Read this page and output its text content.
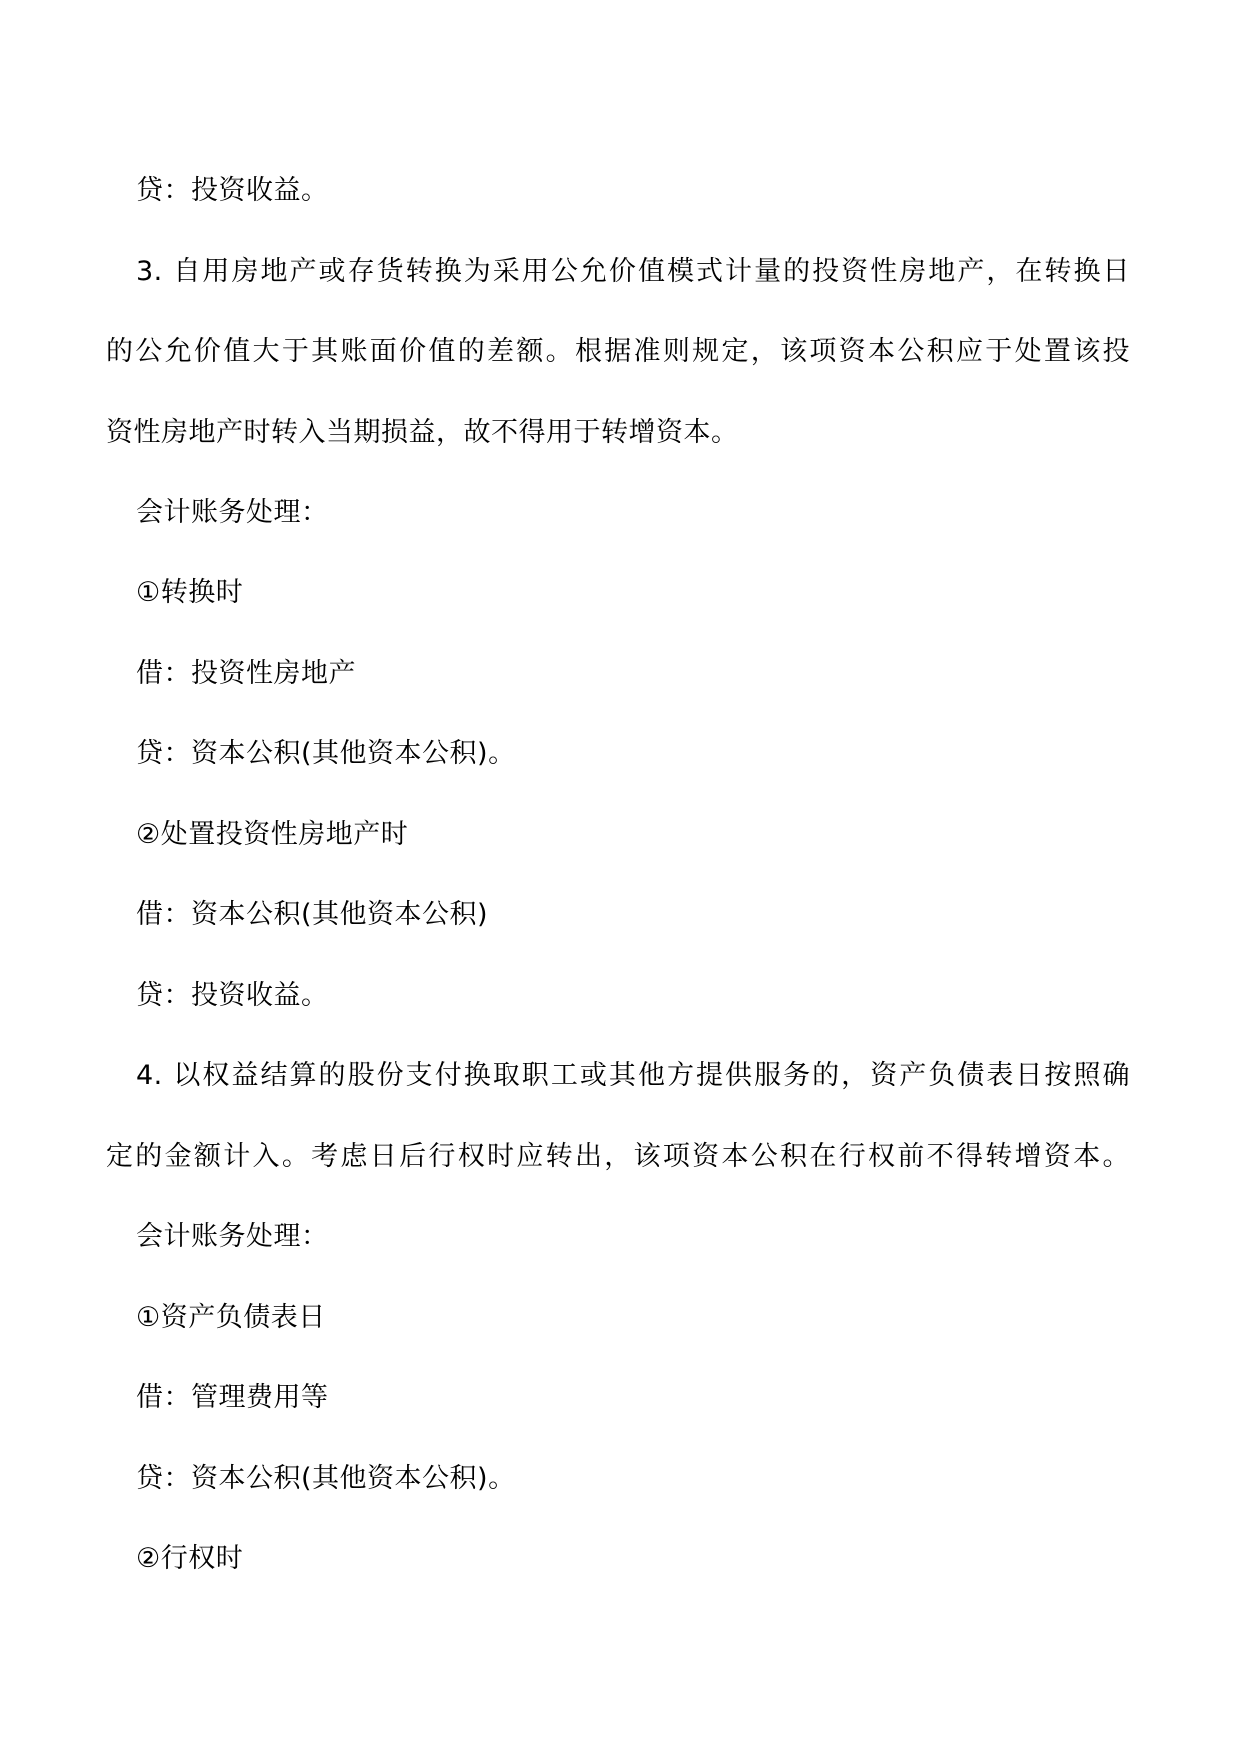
贷：投资收益。

3. 自用房地产或存货转换为采用公允价值模式计量的投资性房地产，在转换日

的公允价值大于其账面价值的差额。根据准则规定，该项资本公积应于处置该投

资性房地产时转入当期损益，故不得用于转增资本。

会计账务处理：

①转换时

借：投资性房地产

贷：资本公积(其他资本公积)。

②处置投资性房地产时

借：资本公积(其他资本公积)

贷：投资收益。

4. 以权益结算的股份支付换取职工或其他方提供服务的，资产负债表日按照确

定的金额计入。考虑日后行权时应转出，该项资本公积在行权前不得转增资本。

会计账务处理：

①资产负债表日

借：管理费用等

贷：资本公积(其他资本公积)。

②行权时
